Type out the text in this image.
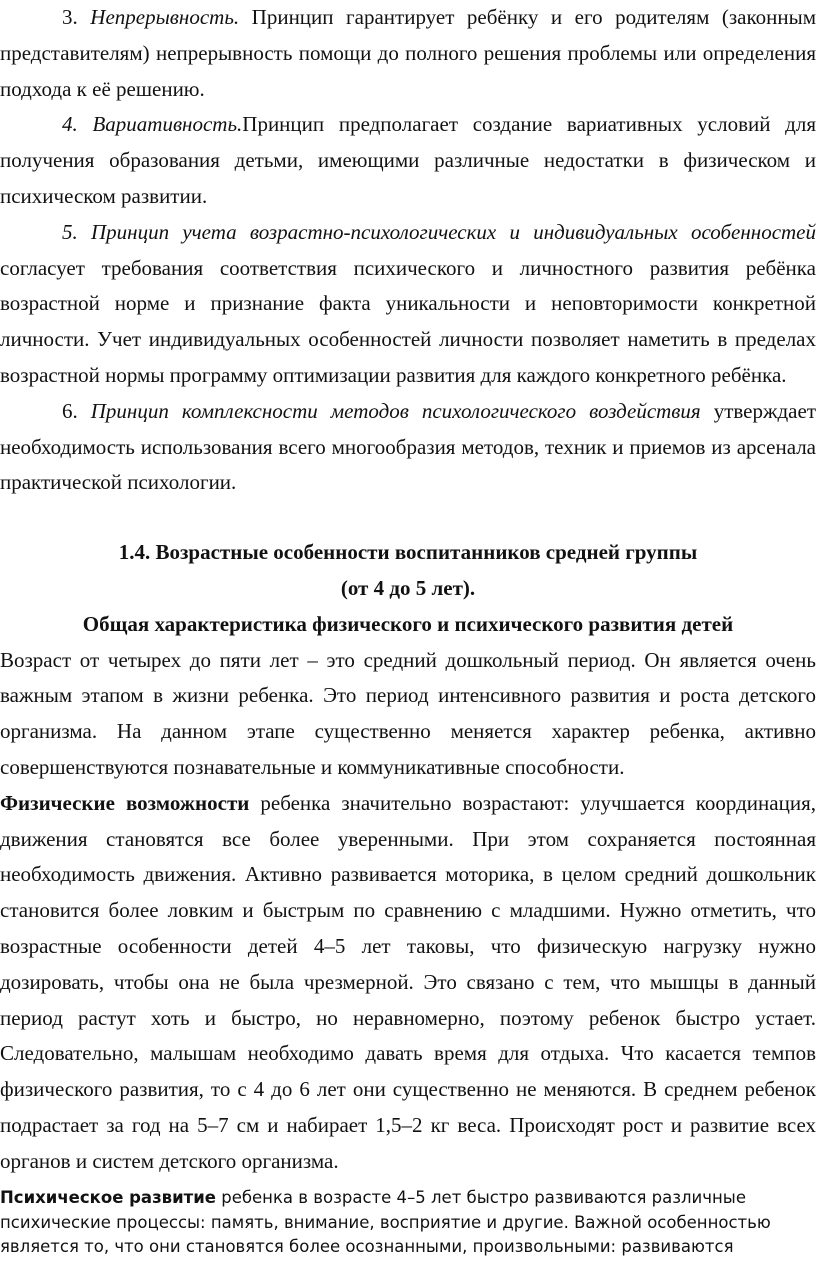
3. Непрерывность. Принцип гарантирует ребёнку и его родителям (законным представителям) непрерывность помощи до полного решения проблемы или определения подхода к её решению.

4. Вариативность.Принцип предполагает создание вариативных условий для получения образования детьми, имеющими различные недостатки в физическом и психическом развитии.

5. Принцип учета возрастно-психологических и индивидуальных особенностей согласует требования соответствия психического и личностного развития ребёнка возрастной норме и признание факта уникальности и неповторимости конкретной личности. Учет индивидуальных особенностей личности позволяет наметить в пределах возрастной нормы программу оптимизации развития для каждого конкретного ребёнка.

6. Принцип комплексности методов психологического воздействия утверждает необходимость использования всего многообразия методов, техник и приемов из арсенала практической психологии.

1.4. Возрастные особенности воспитанников средней группы

(от 4 до 5 лет).

Общая характеристика физического и психического развития детей

Возраст от четырех до пяти лет – это средний дошкольный период. Он является очень важным этапом в жизни ребенка. Это период интенсивного развития и роста детского организма. На данном этапе существенно меняется характер ребенка, активно совершенствуются познавательные и коммуникативные способности.

Физические возможности ребенка значительно возрастают: улучшается координация, движения становятся все более уверенными. При этом сохраняется постоянная необходимость движения. Активно развивается моторика, в целом средний дошкольник становится более ловким и быстрым по сравнению с младшими. Нужно отметить, что возрастные особенности детей 4–5 лет таковы, что физическую нагрузку нужно дозировать, чтобы она не была чрезмерной. Это связано с тем, что мышцы в данный период растут хоть и быстро, но неравномерно, поэтому ребенок быстро устает. Следовательно, малышам необходимо давать время для отдыха. Что касается темпов физического развития, то с 4 до 6 лет они существенно не меняются. В среднем ребенок подрастает за год на 5–7 см и набирает 1,5–2 кг веса. Происходят рост и развитие всех органов и систем детского организма.

Психическое развитие ребенка в возрасте 4–5 лет быстро развиваются различные психические процессы: память, внимание, восприятие и другие. Важной особенностью является то, что они становятся более осознанными, произвольными: развиваются
